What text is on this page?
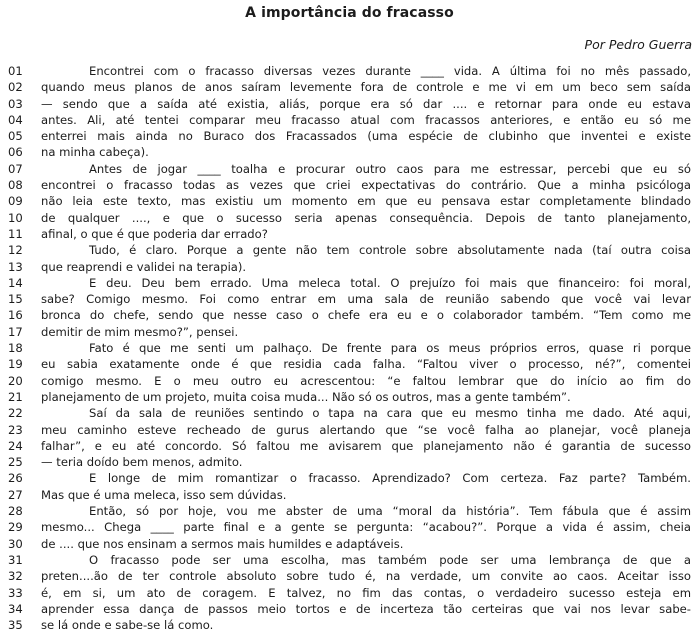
A importância do fracasso
Por Pedro Guerra
01	Encontrei com o fracasso diversas vezes durante ____ vida. A última foi no mês passado,
02	quando meus planos de anos saíram levemente fora de controle e me vi em um beco sem saída
03	— sendo que a saída até existia, aliás, porque era só dar .... e retornar para onde eu estava
04	antes. Ali, até tentei comparar meu fracasso atual com fracassos anteriores, e então eu só me
05	enterrei mais ainda no Buraco dos Fracassados (uma espécie de clubinho que inventei e existe
06	na minha cabeça).
07	Antes de jogar ____ toalha e procurar outro caos para me estressar, percebi que eu só
08	encontrei o fracasso todas as vezes que criei expectativas do contrário. Que a minha psicóloga
09	não leia este texto, mas existiu um momento em que eu pensava estar completamente blindado
10	de qualquer ...., e que o sucesso seria apenas consequência. Depois de tanto planejamento,
11	afinal, o que é que poderia dar errado?
12	Tudo, é claro. Porque a gente não tem controle sobre absolutamente nada (taí outra coisa
13	que reaprendi e validei na terapia).
14	E deu. Deu bem errado. Uma meleca total. O prejuízo foi mais que financeiro: foi moral,
15	sabe? Comigo mesmo. Foi como entrar em uma sala de reunião sabendo que você vai levar
16	bronca do chefe, sendo que nesse caso o chefe era eu e o colaborador também. “Tem como me
17	demitir de mim mesmo?”, pensei.
18	Fato é que me senti um palhaço. De frente para os meus próprios erros, quase ri porque
19	eu sabia exatamente onde é que residia cada falha. “Faltou viver o processo, né?”, comentei
20	comigo mesmo. E o meu outro eu acrescentou: “e faltou lembrar que do início ao fim do
21	planejamento de um projeto, muita coisa muda... Não só os outros, mas a gente também”.
22	Saí da sala de reuniões sentindo o tapa na cara que eu mesmo tinha me dado. Até aqui,
23	meu caminho esteve recheado de gurus alertando que “se você falha ao planejar, você planeja
24	falhar”, e eu até concordo. Só faltou me avisarem que planejamento não é garantia de sucesso
25	— teria doído bem menos, admito.
26	E longe de mim romantizar o fracasso. Aprendizado? Com certeza. Faz parte? Também.
27	Mas que é uma meleca, isso sem dúvidas.
28	Então, só por hoje, vou me abster de uma “moral da história”. Tem fábula que é assim
29	mesmo... Chega ____ parte final e a gente se pergunta: “acabou?”. Porque a vida é assim, cheia
30	de .... que nos ensinam a sermos mais humildes e adaptáveis.
31	O fracasso pode ser uma escolha, mas também pode ser uma lembrança de que a
32	preten....ão de ter controle absoluto sobre tudo é, na verdade, um convite ao caos. Aceitar isso
33	é, em si, um ato de coragem. E talvez, no fim das contas, o verdadeiro sucesso esteja em
34	aprender essa dança de passos meio tortos e de incerteza tão certeiras que vai nos levar sabe-
35	se lá onde e sabe-se lá como.
